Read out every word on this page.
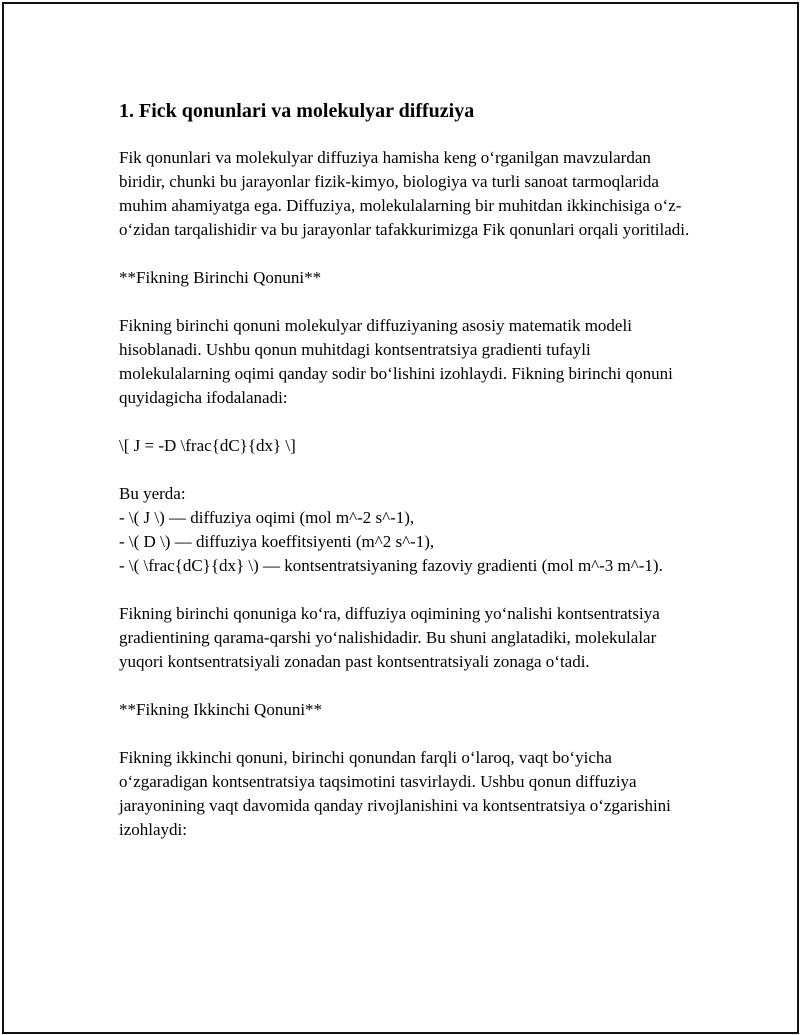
1. Fick qonunlari va molekulyar diffuziya

Fik qonunlari va molekulyar diffuziya hamisha keng o‘rganilgan mavzulardan biridir, chunki bu jarayonlar fizik-kimyo, biologiya va turli sanoat tarmoqlarida muhim ahamiyatga ega. Diffuziya, molekulalarning bir muhitdan ikkinchisiga o‘z-o‘zidan tarqalishidir va bu jarayonlar tafakkurimizga Fik qonunlari orqali yoritiladi.

**Fikning Birinchi Qonuni**

Fikning birinchi qonuni molekulyar diffuziyaning asosiy matematik modeli hisoblanadi. Ushbu qonun muhitdagi kontsentratsiya gradienti tufayli molekulalarning oqimi qanday sodir bo‘lishini izohlaydi. Fikning birinchi qonuni quyidagicha ifodalanadi:

\[ J = -D \frac{dC}{dx} \]

Bu yerda:
- \( J \) — diffuziya oqimi (mol m^-2 s^-1),
- \( D \) — diffuziya koeffitsiyenti (m^2 s^-1),
- \( \frac{dC}{dx} \) — kontsentratsiyaning fazoviy gradienti (mol m^-3 m^-1).

Fikning birinchi qonuniga ko‘ra, diffuziya oqimining yo‘nalishi kontsentratsiya gradientining qarama-qarshi yo‘nalishidadir. Bu shuni anglatadiki, molekulalar yuqori kontsentratsiyali zonadan past kontsentratsiyali zonaga o‘tadi.

**Fikning Ikkinchi Qonuni**

Fikning ikkinchi qonuni, birinchi qonundan farqli o‘laroq, vaqt bo‘yicha o‘zgaradigan kontsentratsiya taqsimotini tasvirlaydi. Ushbu qonun diffuziya jarayonining vaqt davomida qanday rivojlanishini va kontsentratsiya o‘zgarishini izohlaydi:
